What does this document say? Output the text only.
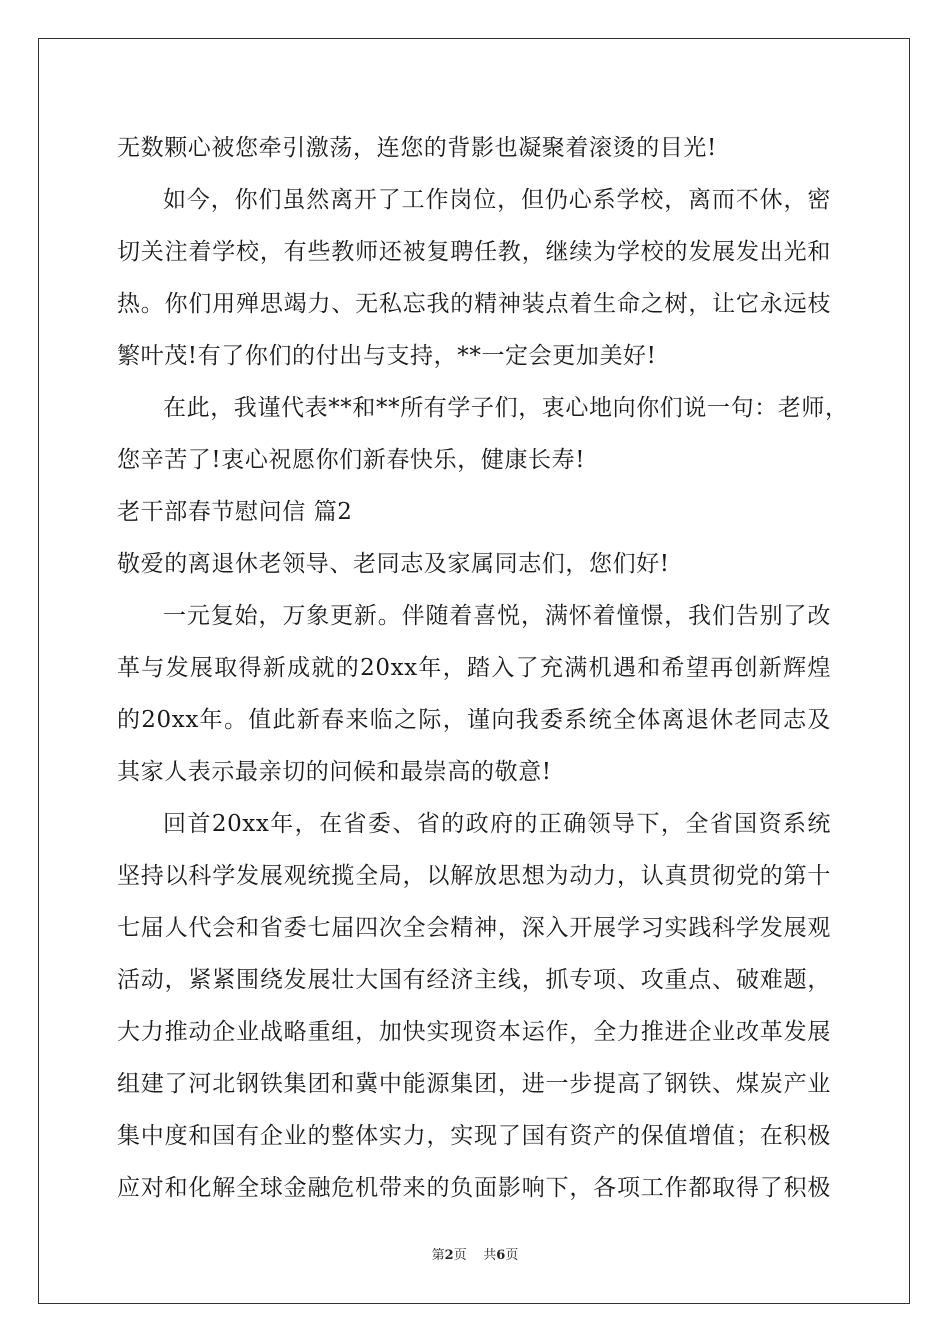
无数颗心被您牵引激荡，连您的背影也凝聚着滚烫的目光!
如今，你们虽然离开了工作岗位，但仍心系学校，离而不休，密
切关注着学校，有些教师还被复聘任教，继续为学校的发展发出光和
热。你们用殚思竭力、无私忘我的精神装点着生命之树，让它永远枝
繁叶茂!有了你们的付出与支持，**一定会更加美好!
在此，我谨代表**和**所有学子们，衷心地向你们说一句：老师，
您辛苦了!衷心祝愿你们新春快乐，健康长寿!
老干部春节慰问信 篇2
敬爱的离退休老领导、老同志及家属同志们，您们好!
一元复始，万象更新。伴随着喜悦，满怀着憧憬，我们告别了改
革与发展取得新成就的20xx年，踏入了充满机遇和希望再创新辉煌
的20xx年。值此新春来临之际，谨向我委系统全体离退休老同志及
其家人表示最亲切的问候和最崇高的敬意!
回首20xx年，在省委、省的政府的正确领导下，全省国资系统
坚持以科学发展观统揽全局，以解放思想为动力，认真贯彻党的第十
七届人代会和省委七届四次全会精神，深入开展学习实践科学发展观
活动，紧紧围绕发展壮大国有经济主线，抓专项、攻重点、破难题，
大力推动企业战略重组，加快实现资本运作，全力推进企业改革发展
组建了河北钢铁集团和冀中能源集团，进一步提高了钢铁、煤炭产业
集中度和国有企业的整体实力，实现了国有资产的保值增值；在积极
应对和化解全球金融危机带来的负面影响下，各项工作都取得了积极
第2页 共6页
